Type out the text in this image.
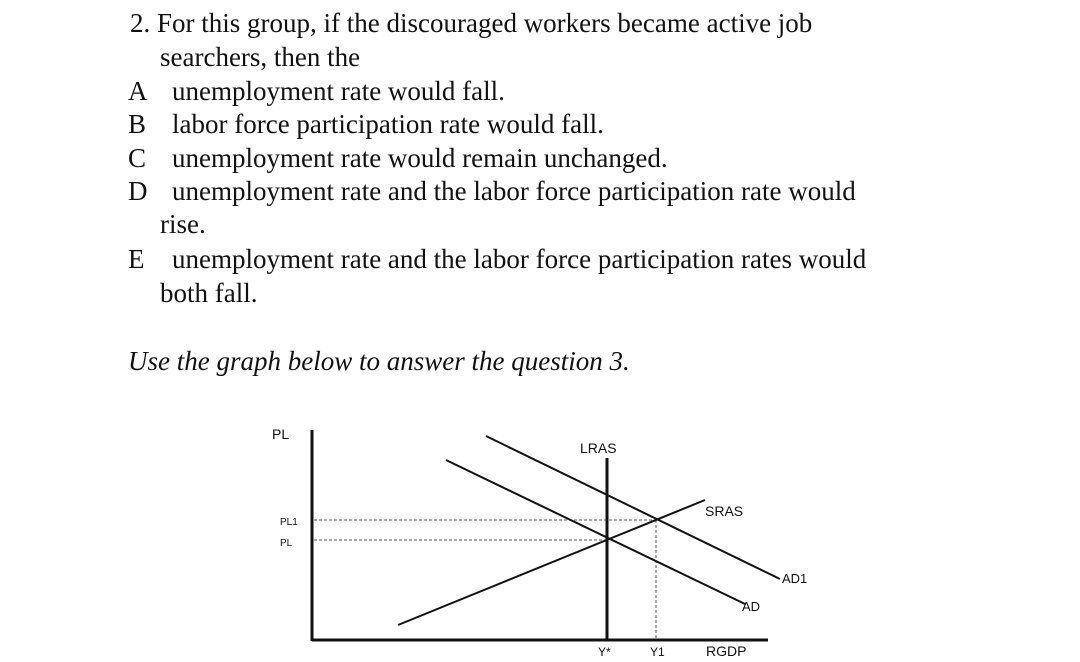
2. For this group, if the discouraged workers became active job
searchers, then the
A unemployment rate would fall.
B labor force participation rate would fall.
C unemployment rate would remain unchanged.
D unemployment rate and the labor force participation rate would
rise.
E	unemployment rate and the labor force participation rates would
both fall.
Use the graph below to answer the question 3.
PL
PL1
PL
LRAS
SRAS
AD1
AD
Y*	Y1	RGDP
